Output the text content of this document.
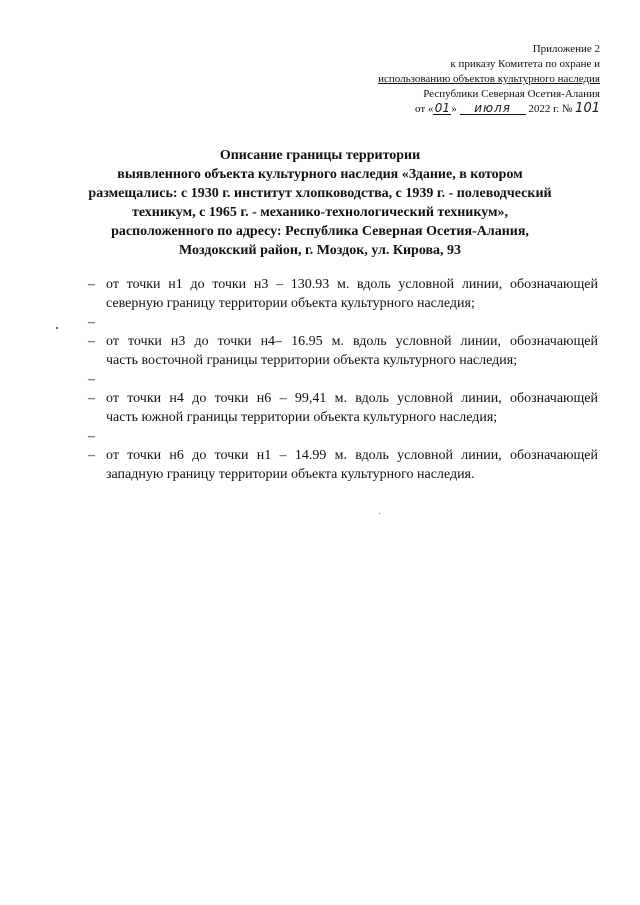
Приложение 2
к приказу Комитета по охране и
использованию объектов культурного наследия
Республики Северная Осетия-Алания
от «01» июля 2022 г. № 101
Описание границы территории
выявленного объекта культурного наследия «Здание, в котором
размещались: с 1930 г. институт хлопководства, с 1939 г. - полеводческий
техникум, с 1965 г. - механико-технологический техникум»,
расположенного по адресу: Республика Северная Осетия-Алания,
Моздокский район, г. Моздок, ул. Кирова, 93
– от точки н1 до точки н3 – 130.93 м. вдоль условной линии, обозначающей
северную границу территории объекта культурного наследия;
–
– от точки н3 до точки н4– 16.95 м. вдоль условной линии, обозначающей
часть восточной границы территории объекта культурного наследия;
–
– от точки н4 до точки н6 – 99,41 м. вдоль условной линии, обозначающей
часть южной границы территории объекта культурного наследия;
–
– от точки н6 до точки н1 – 14.99 м. вдоль условной линии, обозначающей
западную границу территории объекта культурного наследия.
